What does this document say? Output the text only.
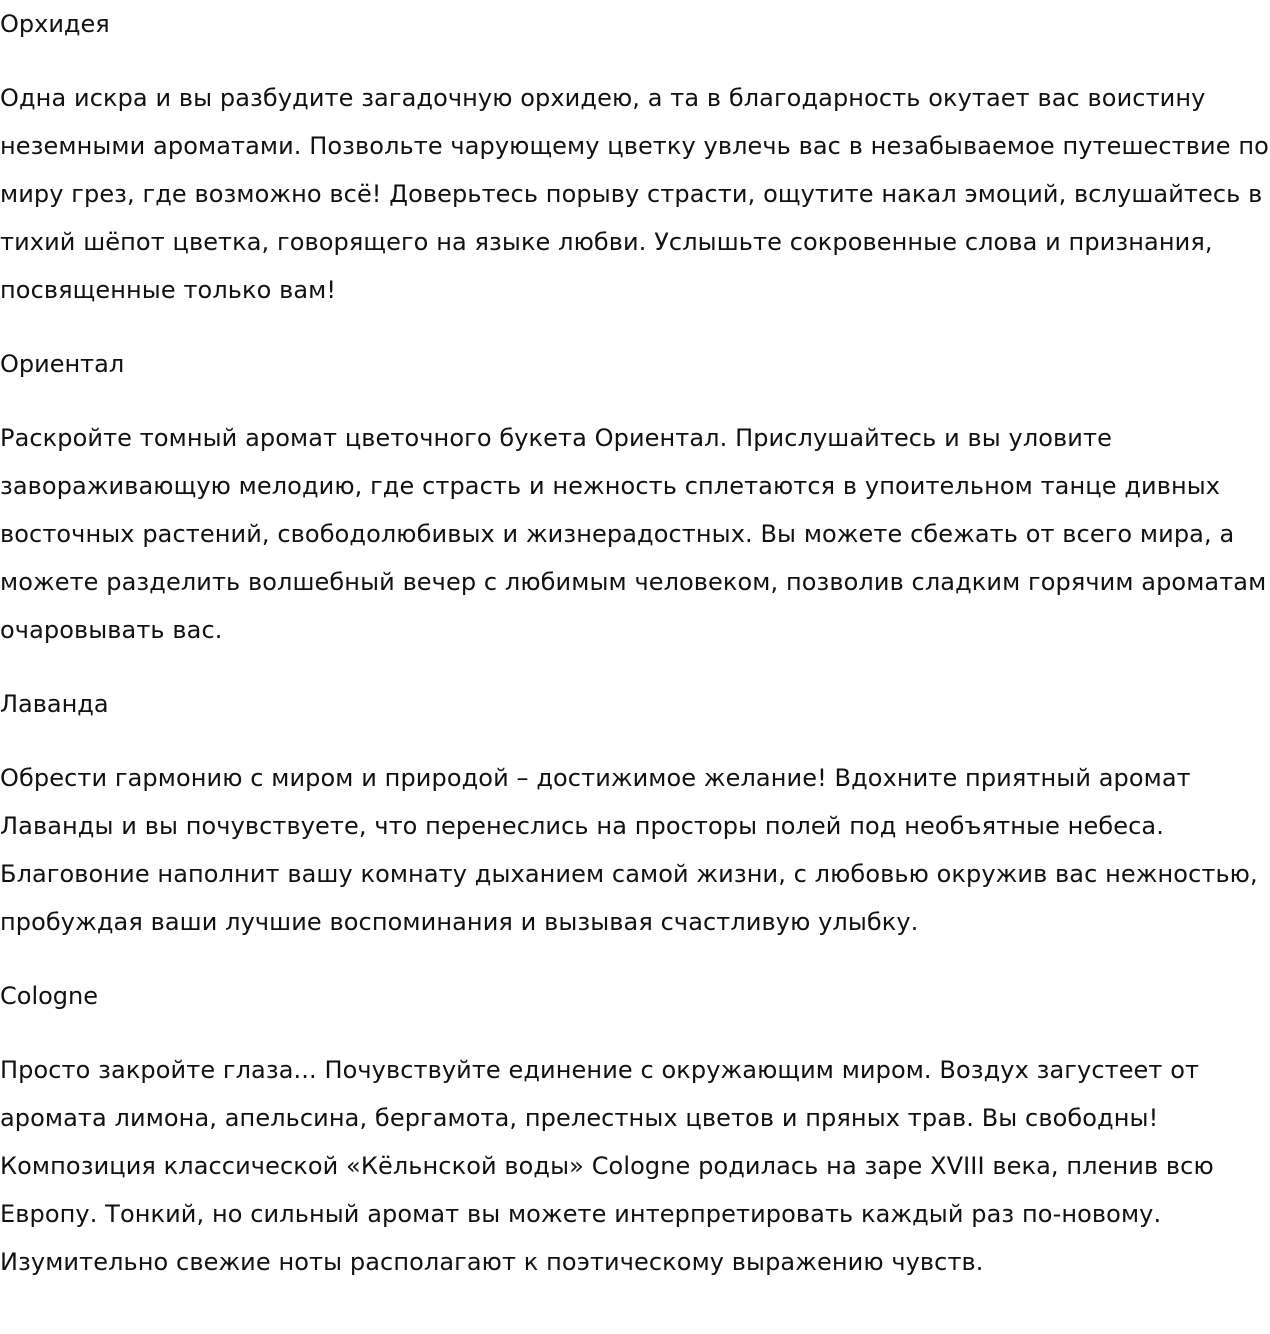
Орхидея

Одна искра и вы разбудите загадочную орхидею, а та в благодарность окутает вас воистину неземными ароматами. Позвольте чарующему цветку увлечь вас в незабываемое путешествие по миру грез, где возможно всё! Доверьтесь порыву страсти, ощутите накал эмоций, вслушайтесь в тихий шёпот цветка, говорящего на языке любви. Услышьте сокровенные слова и признания, посвященные только вам!

Ориентал

Раскройте томный аромат цветочного букета Ориентал. Прислушайтесь и вы уловите завораживающую мелодию, где страсть и нежность сплетаются в упоительном танце дивных восточных растений, свободолюбивых и жизнерадостных. Вы можете сбежать от всего мира, а можете разделить волшебный вечер с любимым человеком, позволив сладким горячим ароматам очаровывать вас.

Лаванда

Обрести гармонию с миром и природой – достижимое желание! Вдохните приятный аромат Лаванды и вы почувствуете, что перенеслись на просторы полей под необъятные небеса. Благовоние наполнит вашу комнату дыханием самой жизни, с любовью окружив вас нежностью, пробуждая ваши лучшие воспоминания и вызывая счастливую улыбку.

Cologne

Просто закройте глаза... Почувствуйте единение с окружающим миром. Воздух загустеет от аромата лимона, апельсина, бергамота, прелестных цветов и пряных трав. Вы свободны! Композиция классической «Кёльнской воды» Cologne родилась на заре XVIII века, пленив всю Европу. Тонкий, но сильный аромат вы можете интерпретировать каждый раз по-новому. Изумительно свежие ноты располагают к поэтическому выражению чувств.
